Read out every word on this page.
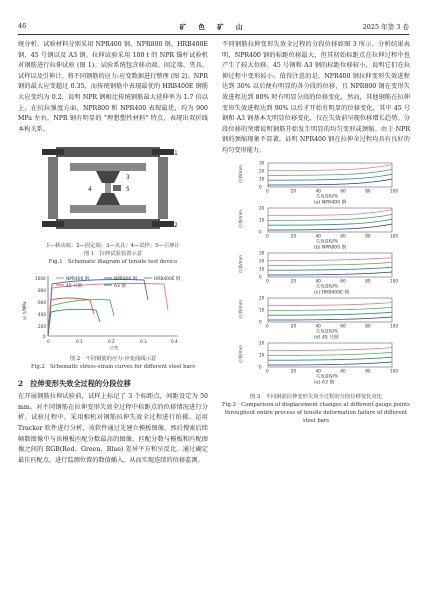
46	矿 色 矿 山	2025 年第 3 卷

统分析。试验材料分别采用 NPR400 钢、NPR800 钢、HRB400E 钢、45 号钢以及 A3 钢。拉伸试验采用 100 t 的 NPR 锚杆试验机对钢筋进行拉伸试验 (图 1)。试验系统包含移动端、固定端、夹具、试样以及引伸计。将不同钢筋的应力-应变数据进行整理 (图 2)。NPR 钢的最大应变超过 0.35，而传统钢筋中表现最优的 HRB400E 钢筋大应变约为 0.2，说明 NPR 钢相比传统钢筋最大延伸率为 1.7 倍以上。在抗拉强度方面，NPR800 和 NPR400 表现最优，均为 900 MPa 左右。NPR 钢有明显的 "理想塑性材料" 特点，表现出双折线本构关系。

1
2
3
4	5
1—移动端；2—固定端；3—夹具；4—试样；5—引伸计
图 1　拉伸试验装置示意
Fig.1　Schematic diagram of tensile test device
1000
800
600
400
200
0
0	0.1	0.2	0.3	0.4
应力/MPa
应变
NPR400 钢	NPR800 钢	HRB400E 钢
45 号钢	A3 钢
图 2　不同钢筋的应力-应变曲线示意
Fig.2　Schematic stress-strain curves for different steel bars

2　拉伸变形失效全过程的分段位移

在开展钢筋拉伸试验前，试样上标记了 3 个标距点，间距设定为 50 mm。对不同钢筋在拉伸变形失效全过程中标距点的位移情况进行分析。试验过程中，采用相机对钢筋拉伸失效全过程进行拍摄。运用 Tracker 软件进行分析，该软件通过先建立模板图像，然后搜索后续帧数图像中与该模板匹配分数最高的图像，匹配分数与模板和匹配图像之间的 RGB(Red、Green、Blue) 差异平方和呈反比。通过确定最佳匹配点，进行监测位置的数值插入，从而实现连续的位移监测。

不同钢筋拉伸变形失效全过程的分段位移如图 3 所示。分析结果表明，NPR400 钢的标距位移最大，但其初始标距点在拉伸过程中也产生了较大位移。45 号钢和 A3 钢的标距位移较小，说明它们在拉伸过程中变形较小。值得注意的是，NPR400 钢拉伸变形失效进程达到 30% 以后便有明显的各分段的位移，且 NPR800 钢在变形失效进程达到 80% 时有明显分段的位移变化，然而，其他钢筋在拉伸变形失效进程达到 90% 以后才开始有明显的位移变化，其中 45 号钢和 A3 钢基本无明显位移变化，仅在失效前呈现位移增长趋势。分段位移的突增说明钢筋开始发生明显的均匀变形或颈缩。由于 NPR 钢的颈缩现象不显著，证明 NPR400 钢在拉伸全过程均具有良好的均匀变形能力。

位移/mm
30
20
10
0
0	20	40	60	80	100
失效进程/%
(a) NPR400 钢
位移/mm
20
10
0
0	20	40	60	80	100
失效进程/%
(b) NPR800 钢
位移/mm
30
20
10
0
0	20	40	60	80	100
失效进程/%
(c) HRB400E 钢
位移/mm
20
10
0
0	20	40	60	80	100
失效进程/%
(d) 45 号钢
位移/mm
20
10
0
0	20	40	60	80	100
失效进程/%
(e) A3 钢
图 3　不同钢筋拉伸变形失效全过程的分段位移变化对比
Fig.3　Comparison of displacement changes at different gauge points throughout entire process of tensile deformation failure of different steel bars
